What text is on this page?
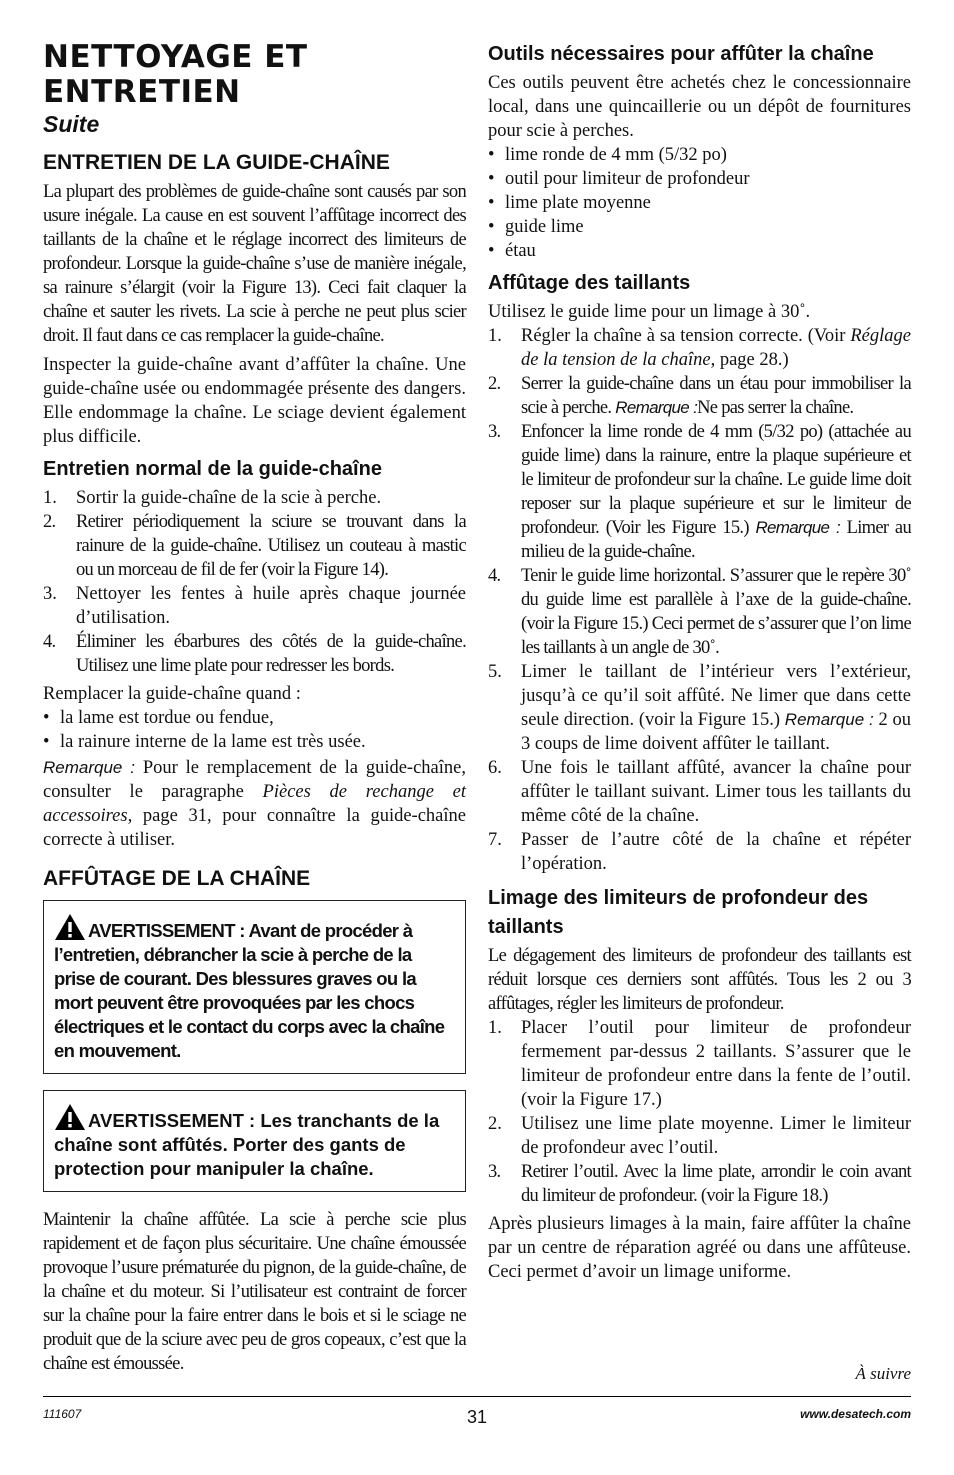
NETTOYAGE ET
ENTRETIEN
Suite
ENTRETIEN DE LA GUIDE-CHAÎNE

La plupart des problèmes de guide-chaîne sont causés par son usure inégale. La cause en est souvent l’affûtage incorrect des taillants de la chaîne et le réglage incorrect des limiteurs de profondeur. Lorsque la guide-chaîne s’use de manière inégale, sa rainure s’élargit (voir la Figure 13). Ceci fait claquer la chaîne et sauter les rivets. La scie à perche ne peut plus scier droit. Il faut dans ce cas remplacer la guide-chaîne.

Inspecter la guide-chaîne avant d’affûter la chaîne. Une guide-chaîne usée ou endommagée présente des dangers. Elle endommage la chaîne. Le sciage devient également plus difficile.

Entretien normal de la guide-chaîne
1. Sortir la guide-chaîne de la scie à perche.
2. Retirer périodiquement la sciure se trouvant dans la rainure de la guide-chaîne. Utilisez un couteau à mastic ou un morceau de fil de fer (voir la Figure 14).
3. Nettoyer les fentes à huile après chaque journée d’utilisation.
4. Éliminer les ébarbures des côtés de la guide-chaîne. Utilisez une lime plate pour redresser les bords.

Remplacer la guide-chaîne quand :

• la lame est tordue ou fendue,
• la rainure interne de la lame est très usée.

Remarque : Pour le remplacement de la guide-chaîne, consulter le paragraphe Pièces de rechange et accessoires, page 31, pour connaître la guide-chaîne correcte à utiliser.

AFFÛTAGE DE LA CHAÎNE
AVERTISSEMENT : Avant de procéder à l’entretien, débrancher la scie à perche de la prise de courant. Des blessures graves ou la mort peuvent être provoquées par les chocs électriques et le contact du corps avec la chaîne en mouvement.
AVERTISSEMENT : Les tranchants de la chaîne sont affûtés. Porter des gants de protection pour manipuler la chaîne.

Maintenir la chaîne affûtée. La scie à perche scie plus rapidement et de façon plus sécuritaire. Une chaîne émoussée provoque l’usure prématurée du pignon, de la guide-chaîne, de la chaîne et du moteur. Si l’utilisateur est contraint de forcer sur la chaîne pour la faire entrer dans le bois et si le sciage ne produit que de la sciure avec peu de gros copeaux, c’est que la chaîne est émoussée.

Outils nécessaires pour affûter la chaîne

Ces outils peuvent être achetés chez le concessionnaire local, dans une quincaillerie ou un dépôt de fournitures pour scie à perches.

• lime ronde de 4 mm (5/32 po)
• outil pour limiteur de profondeur
• lime plate moyenne
• guide lime
• étau
Affûtage des taillants

Utilisez le guide lime pour un limage à 30˚.

1. Régler la chaîne à sa tension correcte. (Voir Réglage de la tension de la chaîne, page 28.)
2. Serrer la guide-chaîne dans un étau pour immobiliser la scie à perche. Remarque :Ne pas serrer la chaîne.
3. Enfoncer la lime ronde de 4 mm (5/32 po) (attachée au guide lime) dans la rainure, entre la plaque supérieure et le limiteur de profondeur sur la chaîne. Le guide lime doit reposer sur la plaque supérieure et sur le limiteur de profondeur. (Voir les Figure 15.) Remarque : Limer au milieu de la guide-chaîne.
4. Tenir le guide lime horizontal. S’assurer que le repère 30˚ du guide lime est parallèle à l’axe de la guide-chaîne. (voir la Figure 15.) Ceci permet de s’assurer que l’on lime les taillants à un angle de 30˚.
5. Limer le taillant de l’intérieur vers l’extérieur, jusqu’à ce qu’il soit affûté. Ne limer que dans cette seule direction. (voir la Figure 15.) Remarque : 2 ou 3 coups de lime doivent affûter le taillant.
6. Une fois le taillant affûté, avancer la chaîne pour affûter le taillant suivant. Limer tous les taillants du même côté de la chaîne.
7. Passer de l’autre côté de la chaîne et répéter l’opération.
Limage des limiteurs de profondeur des taillants

Le dégagement des limiteurs de profondeur des taillants est réduit lorsque ces derniers sont affûtés. Tous les 2 ou 3 affûtages, régler les limiteurs de profondeur.

1. Placer l’outil pour limiteur de profondeur fermement par-dessus 2 taillants. S’assurer que le limiteur de profondeur entre dans la fente de l’outil. (voir la Figure 17.)
2. Utilisez une lime plate moyenne. Limer le limiteur de profondeur avec l’outil.
3. Retirer l’outil. Avec la lime plate, arrondir le coin avant du limiteur de profondeur. (voir la Figure 18.)

Après plusieurs limages à la main, faire affûter la chaîne par un centre de réparation agréé ou dans une affûteuse. Ceci permet d’avoir un limage uniforme.

À suivre
111607	31	www.desatech.com
